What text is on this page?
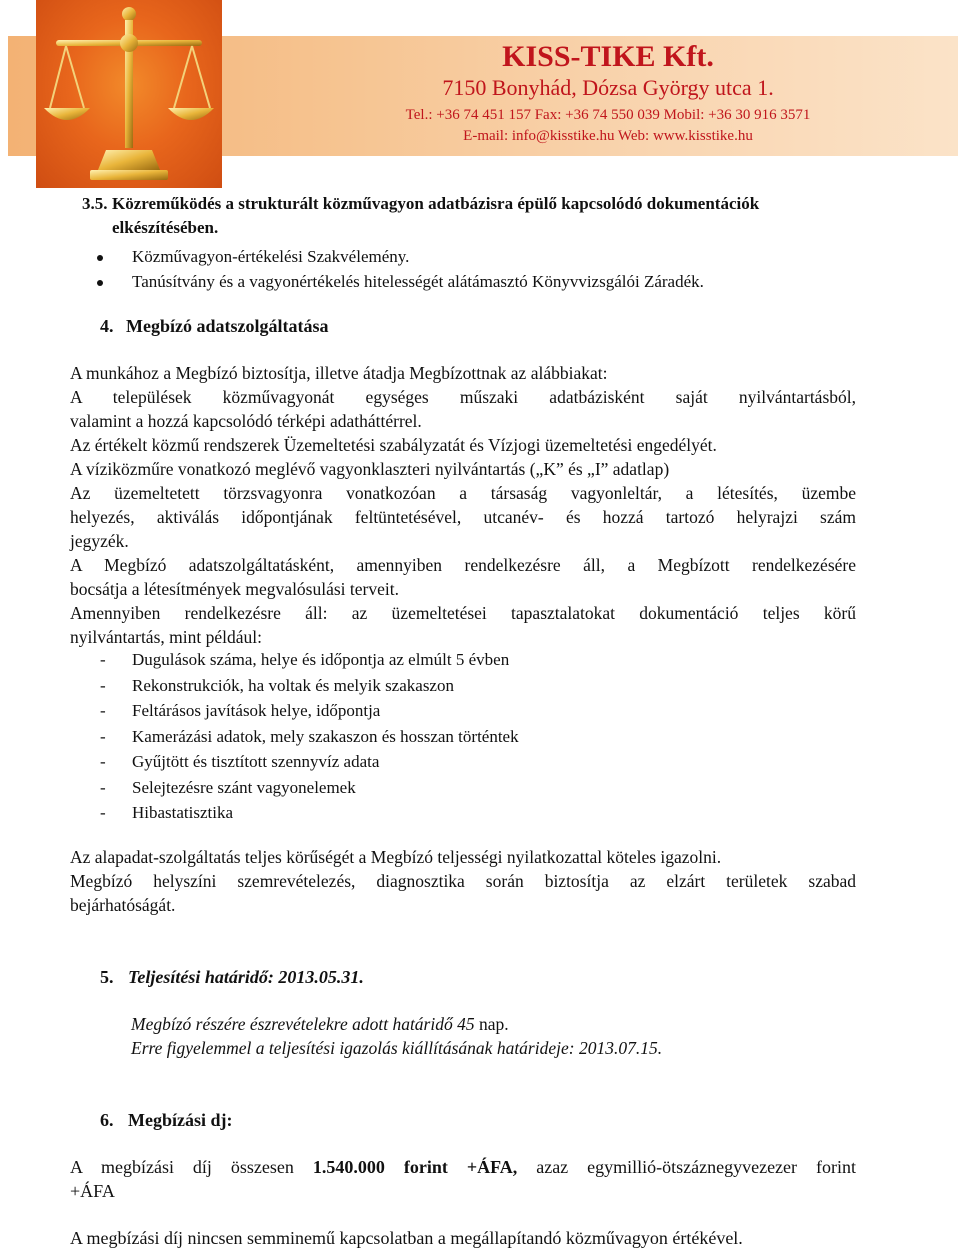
KISS-TIKE Kft.
7150 Bonyhád, Dózsa György utca 1.
Tel.: +36 74 451 157 Fax: +36 74 550 039 Mobil: +36 30 916 3571
E-mail: info@kisstike.hu Web: www.kisstike.hu
3.5. Közreműködés a strukturált közművagyon adatbázisra épülő kapcsolódó dokumentációk
elkészítésében.
Közművagyon-értékelési Szakvélemény.
Tanúsítvány és a vagyonértékelés hitelességét alátámasztó Könyvvizsgálói Záradék.
4. Megbízó adatszolgáltatása
A munkához a Megbízó biztosítja, illetve átadja Megbízottnak az alábbiakat:
A települések közművagyonát egységes műszaki adatbázisként saját nyilvántartásból,
valamint a hozzá kapcsolódó térképi adatháttérrel.
Az értékelt közmű rendszerek Üzemeltetési szabályzatát és Vízjogi üzemeltetési engedélyét.
A víziközműre vonatkozó meglévő vagyonklaszteri nyilvántartás („K” és „I” adatlap)
Az üzemeltetett törzsvagyonra vonatkozóan a társaság vagyonleltár, a létesítés, üzembe
helyezés, aktiválás időpontjának feltüntetésével, utcanév- és hozzá tartozó helyrajzi szám
jegyzék.
A Megbízó adatszolgáltatásként, amennyiben rendelkezésre áll, a Megbízott rendelkezésére
bocsátja a létesítmények megvalósulási terveit.
Amennyiben rendelkezésre áll: az üzemeltetései tapasztalatokat dokumentáció teljes körű
nyilvántartás, mint például:
- Dugulások száma, helye és időpontja az elmúlt 5 évben
- Rekonstrukciók, ha voltak és melyik szakaszon
- Feltárásos javítások helye, időpontja
- Kamerázási adatok, mely szakaszon és hosszan történtek
- Gyűjtött és tisztított szennyvíz adata
- Selejtezésre szánt vagyonelemek
- Hibastatisztika
Az alapadat-szolgáltatás teljes körűségét a Megbízó teljességi nyilatkozattal köteles igazolni.
Megbízó helyszíni szemrevételezés, diagnosztika során biztosítja az elzárt területek szabad
bejárhatóságát.
5. Teljesítési határidő: 2013.05.31.
Megbízó részére észrevételekre adott határidő 45 nap.
Erre figyelemmel a teljesítési igazolás kiállításának határideje: 2013.07.15.
6. Megbízási dj:
A megbízási díj összesen 1.540.000 forint +ÁFA, azaz egymillió-ötszáznegyvezezer forint
+ÁFA
A megbízási díj nincsen semminemű kapcsolatban a megállapítandó közművagyon értékével.
